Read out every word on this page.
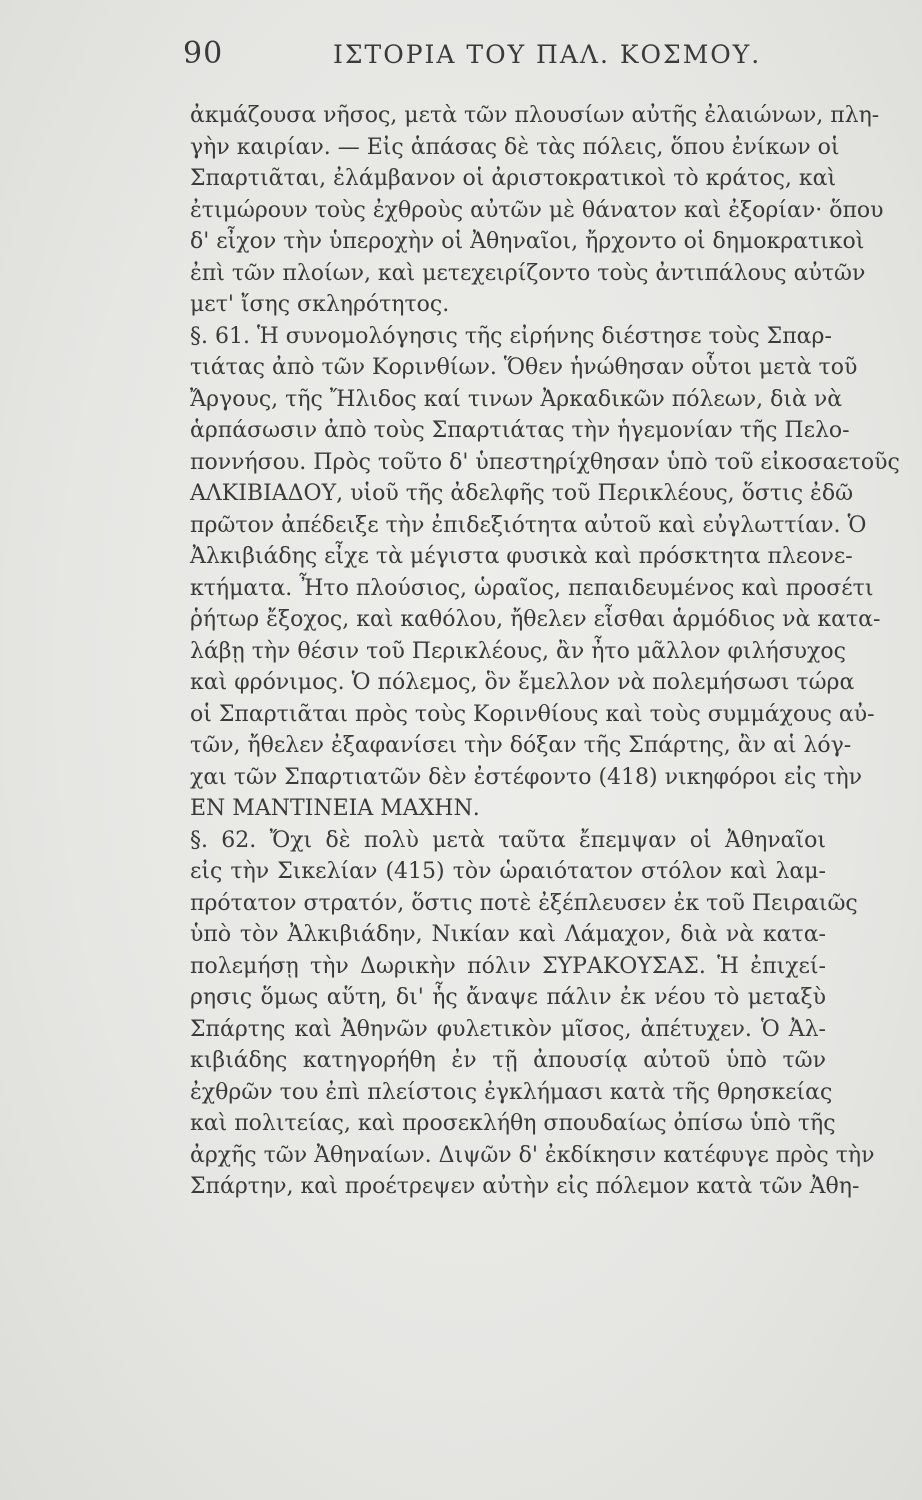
90	ΙΣΤΟΡΙΑ ΤΟΥ ΠΑΛ. ΚΟΣΜΟΥ.
ἀκμάζουσα νῆσος, μετὰ τῶν πλουσίων αὐτῆς ἐλαιώνων, πλη-
γὴν καιρίαν. — Εἰς ἁπάσας δὲ τὰς πόλεις, ὅπου ἐνίκων οἱ
Σπαρτιᾶται, ἐλάμβανον οἱ ἀριστοκρατικοὶ τὸ κράτος, καὶ
ἐτιμώρουν τοὺς ἐχθροὺς αὐτῶν μὲ θάνατον καὶ ἐξορίαν· ὅπου
δ' εἶχον τὴν ὑπεροχὴν οἱ Ἀθηναῖοι, ἤρχοντο οἱ δημοκρατικοὶ
ἐπὶ τῶν πλοίων, καὶ μετεχειρίζοντο τοὺς ἀντιπάλους αὐτῶν
μετ' ἴσης σκληρότητος.
§. 61. Ἡ συνομολόγησις τῆς εἰρήνης διέστησε τοὺς Σπαρ-
τιάτας ἀπὸ τῶν Κορινθίων. Ὅθεν ἡνώθησαν οὗτοι μετὰ τοῦ
Ἄργους, τῆς Ἤλιδος καί τινων Ἀρκαδικῶν πόλεων, διὰ νὰ
ἁρπάσωσιν ἀπὸ τοὺς Σπαρτιάτας τὴν ἡγεμονίαν τῆς Πελο-
ποννήσου. Πρὸς τοῦτο δ' ὑπεστηρίχθησαν ὑπὸ τοῦ εἰκοσαετοῦς
ΑΛΚΙΒΙΑΔΟΥ, υἱοῦ τῆς ἀδελφῆς τοῦ Περικλέους, ὅστις ἐδῶ
πρῶτον ἀπέδειξε τὴν ἐπιδεξιότητα αὐτοῦ καὶ εὐγλωττίαν. Ὁ
Ἀλκιβιάδης εἶχε τὰ μέγιστα φυσικὰ καὶ πρόσκτητα πλεονε-
κτήματα. Ἦτο πλούσιος, ὡραῖος, πεπαιδευμένος καὶ προσέτι
ῥήτωρ ἔξοχος, καὶ καθόλου, ἤθελεν εἶσθαι ἁρμόδιος νὰ κατα-
λάβῃ τὴν θέσιν τοῦ Περικλέους, ἂν ἦτο μᾶλλον φιλήσυχος
καὶ φρόνιμος. Ὁ πόλεμος, ὃν ἔμελλον νὰ πολεμήσωσι τώρα
οἱ Σπαρτιᾶται πρὸς τοὺς Κορινθίους καὶ τοὺς συμμάχους αὐ-
τῶν, ἤθελεν ἐξαφανίσει τὴν δόξαν τῆς Σπάρτης, ἂν αἱ λόγ-
χαι τῶν Σπαρτιατῶν δὲν ἐστέφοντο (418) νικηφόροι εἰς τὴν
ΕΝ ΜΑΝΤΙΝΕΙΑ ΜΑΧΗΝ.
§. 62. Ὄχι δὲ πολὺ μετὰ ταῦτα ἔπεμψαν οἱ Ἀθηναῖοι
εἰς τὴν Σικελίαν (415) τὸν ὡραιότατον στόλον καὶ λαμ-
πρότατον στρατόν, ὅστις ποτὲ ἐξέπλευσεν ἐκ τοῦ Πειραιῶς
ὑπὸ τὸν Ἀλκιβιάδην, Νικίαν καὶ Λάμαχον, διὰ νὰ κατα-
πολεμήσῃ τὴν Δωρικὴν πόλιν ΣΥΡΑΚΟΥΣΑΣ. Ἡ ἐπιχεί-
ρησις ὅμως αὕτη, δι' ἧς ἄναψε πάλιν ἐκ νέου τὸ μεταξὺ
Σπάρτης καὶ Ἀθηνῶν φυλετικὸν μῖσος, ἀπέτυχεν. Ὁ Ἀλ-
κιβιάδης κατηγορήθη ἐν τῇ ἀπουσίᾳ αὐτοῦ ὑπὸ τῶν
ἐχθρῶν του ἐπὶ πλείστοις ἐγκλήμασι κατὰ τῆς θρησκείας
καὶ πολιτείας, καὶ προσεκλήθη σπουδαίως ὀπίσω ὑπὸ τῆς
ἀρχῆς τῶν Ἀθηναίων. Διψῶν δ' ἐκδίκησιν κατέφυγε πρὸς τὴν
Σπάρτην, καὶ προέτρεψεν αὐτὴν εἰς πόλεμον κατὰ τῶν Ἀθη-
